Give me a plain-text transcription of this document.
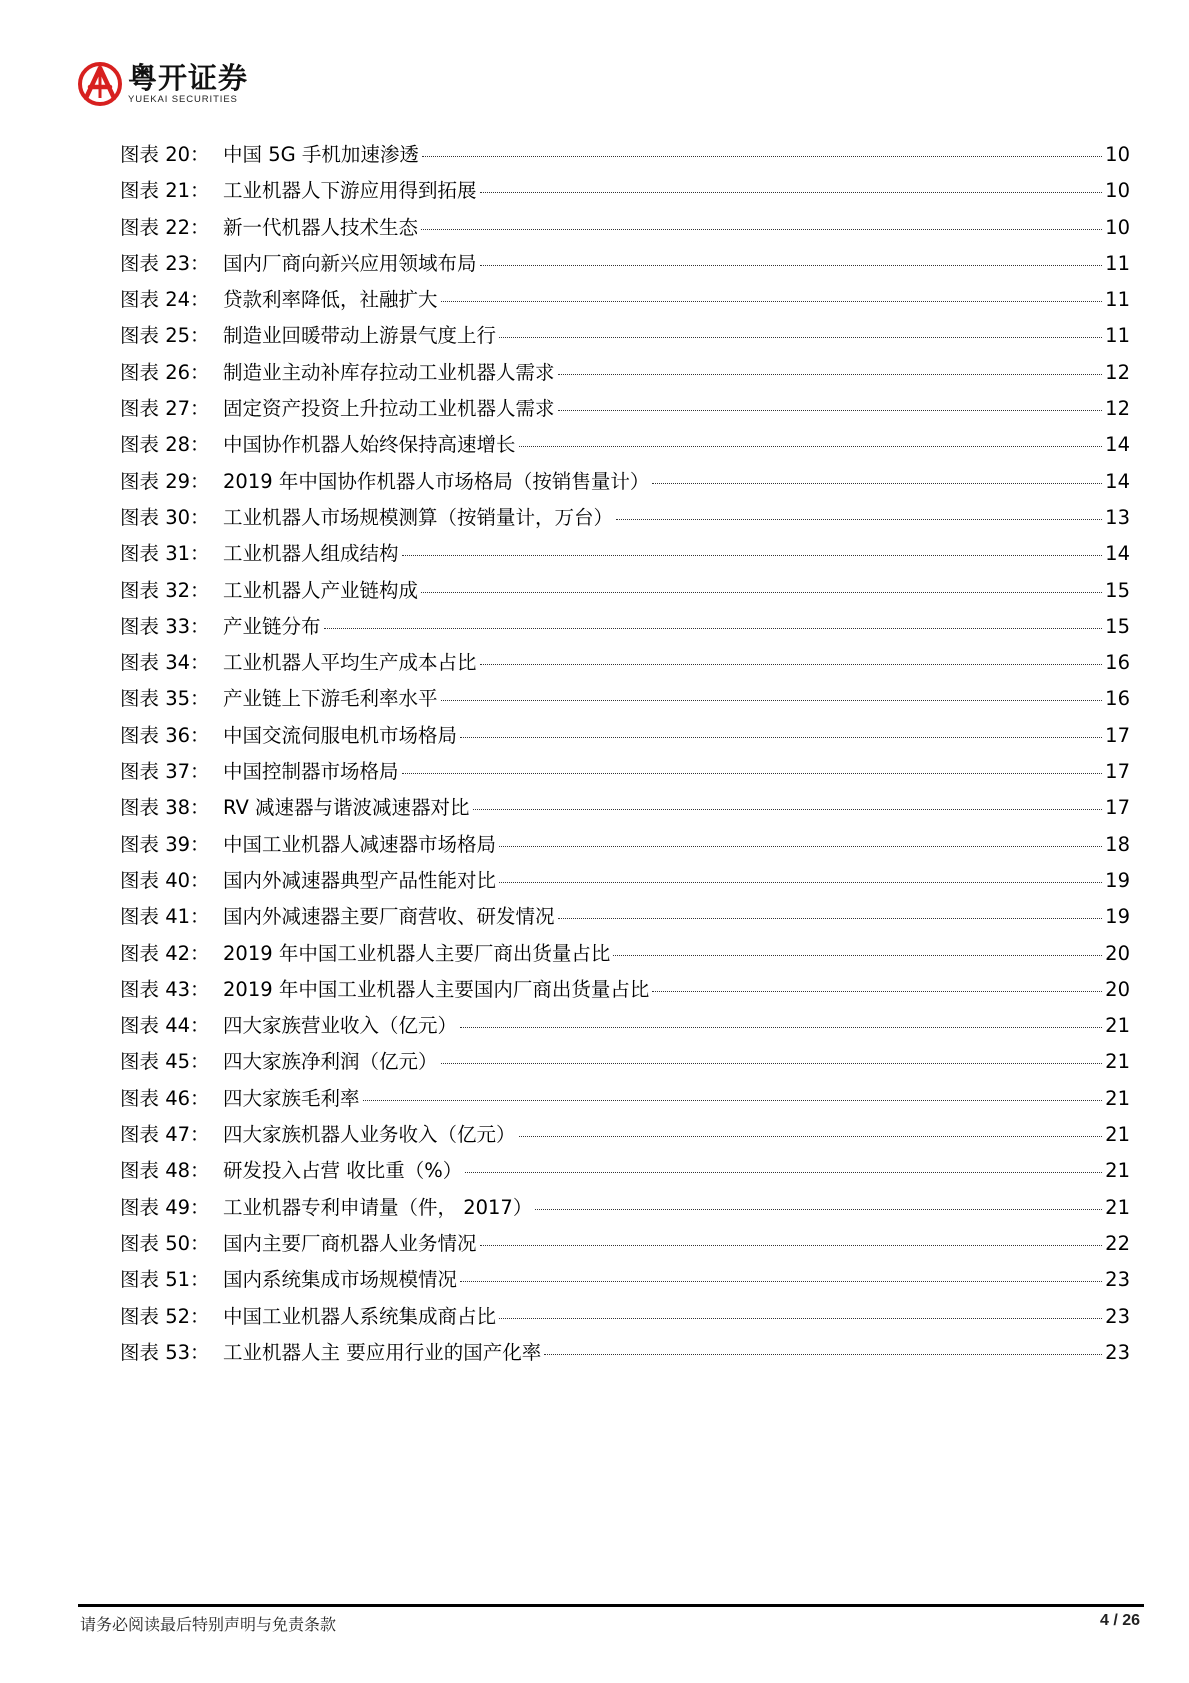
粤开证券
YUEKAI SECURITIES
图表 20： 中国 5G 手机加速渗透	10
图表 21： 工业机器人下游应用得到拓展	10
图表 22： 新一代机器人技术生态	10
图表 23： 国内厂商向新兴应用领域布局	11
图表 24： 贷款利率降低，社融扩大	11
图表 25： 制造业回暖带动上游景气度上行	11
图表 26： 制造业主动补库存拉动工业机器人需求	12
图表 27： 固定资产投资上升拉动工业机器人需求	12
图表 28： 中国协作机器人始终保持高速增长	14
图表 29： 2019 年中国协作机器人市场格局（按销售量计）	14
图表 30： 工业机器人市场规模测算（按销量计，万台）	13
图表 31： 工业机器人组成结构	14
图表 32： 工业机器人产业链构成	15
图表 33： 产业链分布	15
图表 34： 工业机器人平均生产成本占比	16
图表 35： 产业链上下游毛利率水平	16
图表 36： 中国交流伺服电机市场格局	17
图表 37： 中国控制器市场格局	17
图表 38： RV 减速器与谐波减速器对比	17
图表 39： 中国工业机器人减速器市场格局	18
图表 40： 国内外减速器典型产品性能对比	19
图表 41： 国内外减速器主要厂商营收、研发情况	19
图表 42： 2019 年中国工业机器人主要厂商出货量占比	20
图表 43： 2019 年中国工业机器人主要国内厂商出货量占比	20
图表 44： 四大家族营业收入（亿元）	21
图表 45： 四大家族净利润（亿元）	21
图表 46： 四大家族毛利率	21
图表 47： 四大家族机器人业务收入（亿元）	21
图表 48： 研发投入占营 收比重（%）	21
图表 49： 工业机器专利申请量（件， 2017）	21
图表 50： 国内主要厂商机器人业务情况	22
图表 51： 国内系统集成市场规模情况	23
图表 52： 中国工业机器人系统集成商占比	23
图表 53： 工业机器人主 要应用行业的国产化率	23
请务必阅读最后特别声明与免责条款	4 / 26
